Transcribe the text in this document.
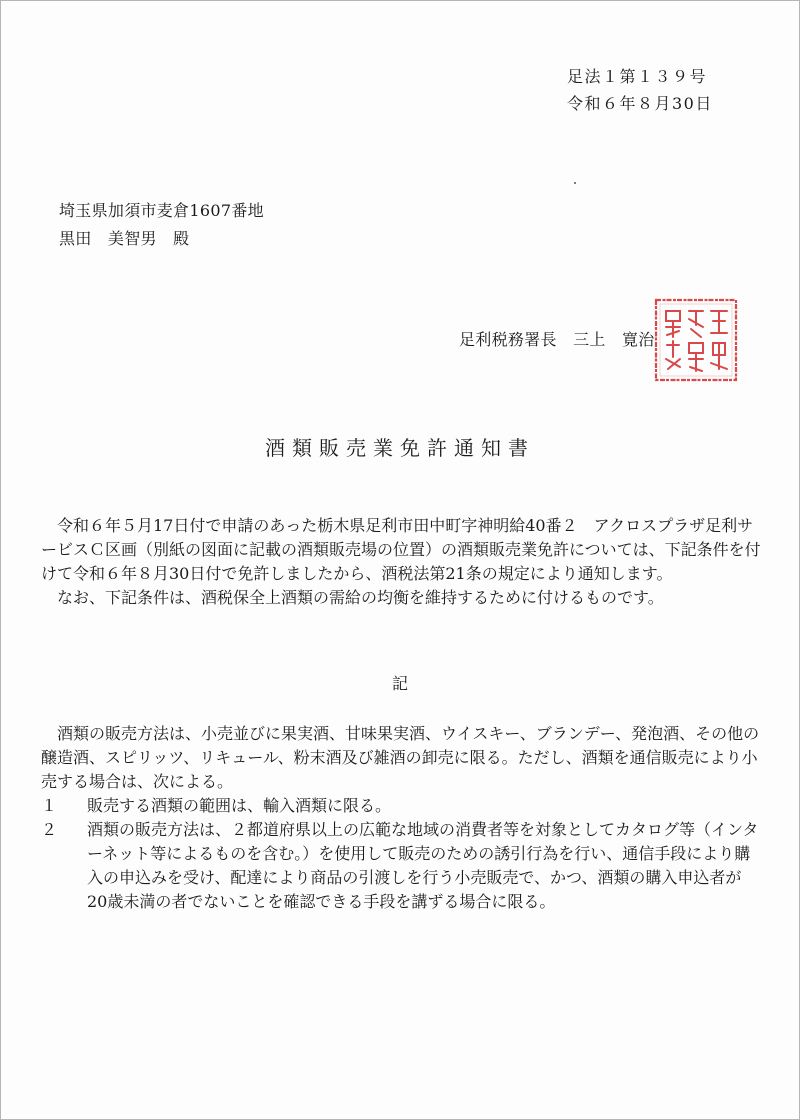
足法１第１３９号
令和６年８月30日
埼玉県加須市麦倉1607番地
黒田　美智男　殿
足利税務署長　三上　寛治
酒類販売業免許通知書

令和６年５月17日付で申請のあった栃木県足利市田中町字神明給40番２　アクロスプラザ足利サービスＣ区画（別紙の図面に記載の酒類販売場の位置）の酒類販売業免許については、下記条件を付けて令和６年８月30日付で免許しましたから、酒税法第21条の規定により通知します。

なお、下記条件は、酒税保全上酒類の需給の均衡を維持するために付けるものです。

記

酒類の販売方法は、小売並びに果実酒、甘味果実酒、ウイスキー、ブランデー、発泡酒、その他の醸造酒、スピリッツ、リキュール、粉末酒及び雑酒の卸売に限る。ただし、酒類を通信販売により小売する場合は、次による。

１ 販売する酒類の範囲は、輸入酒類に限る。
２ 酒類の販売方法は、２都道府県以上の広範な地域の消費者等を対象としてカタログ等（インターネット等によるものを含む。）を使用して販売のための誘引行為を行い、通信手段により購入の申込みを受け、配達により商品の引渡しを行う小売販売で、かつ、酒類の購入申込者が20歳未満の者でないことを確認できる手段を講ずる場合に限る。
